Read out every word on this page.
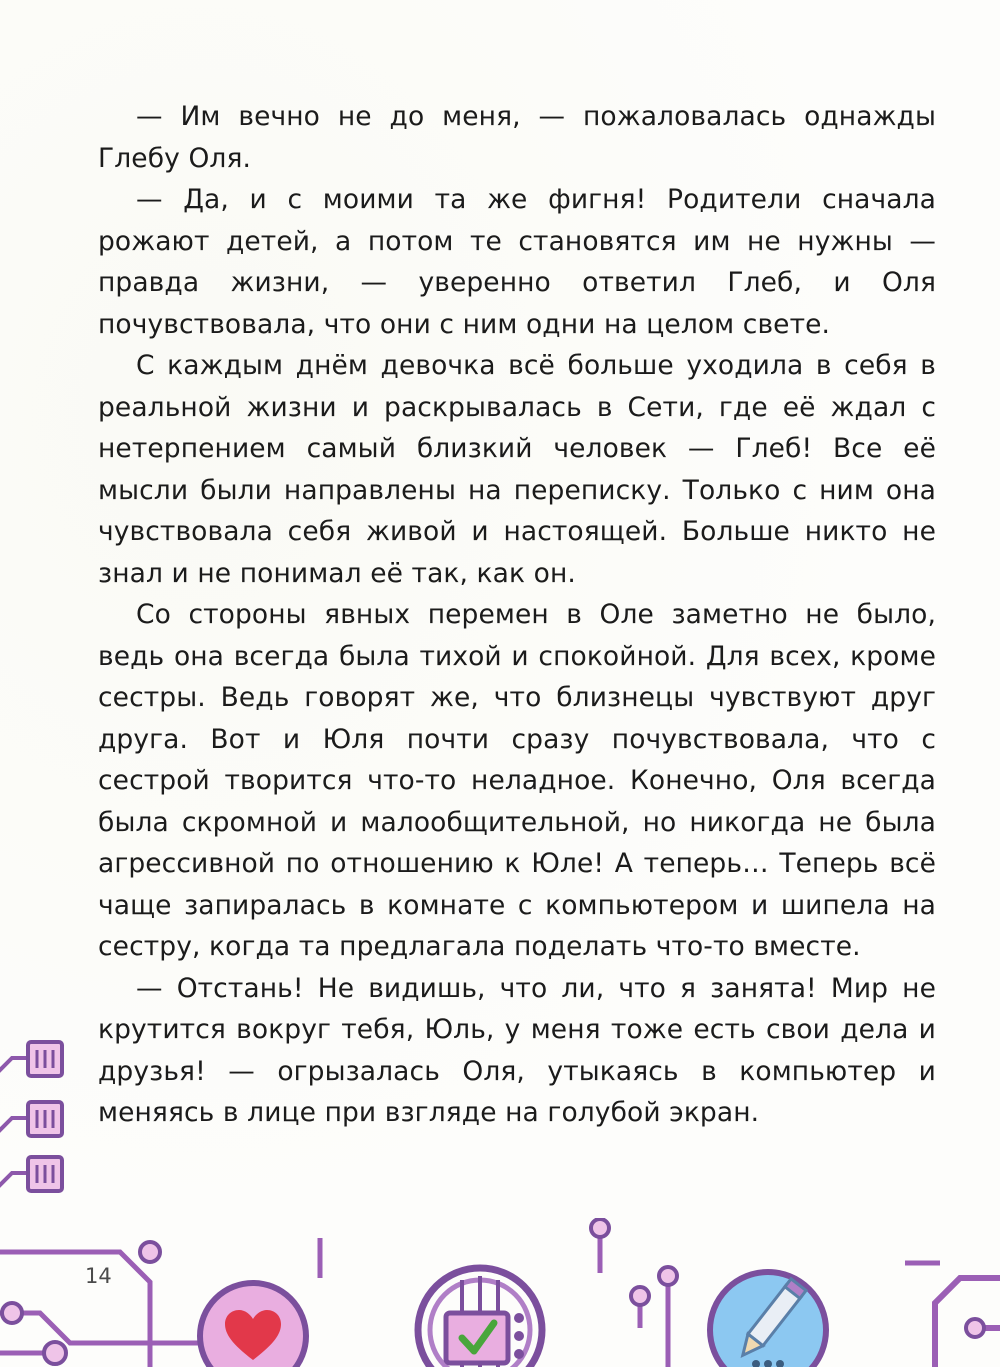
— Им вечно не до меня, — пожаловалась однажды Глебу Оля.

— Да, и с моими та же фигня! Родители сначала рожают детей, а потом те становятся им не нужны — правда жизни, — уверенно ответил Глеб, и Оля почувствовала, что они с ним одни на целом свете.

С каждым днём девочка всё больше уходила в себя в реальной жизни и раскрывалась в Сети, где её ждал с нетерпением самый близкий человек — Глеб! Все её мысли были направлены на переписку. Только с ним она чувствовала себя живой и настоящей. Больше никто не знал и не понимал её так, как он.

Со стороны явных перемен в Оле заметно не было, ведь она всегда была тихой и спокойной. Для всех, кроме сестры. Ведь говорят же, что близнецы чувствуют друг друга. Вот и Юля почти сразу почувствовала, что с сестрой творится что-то неладное. Конечно, Оля всегда была скромной и малообщительной, но никогда не была агрессивной по отношению к Юле! А теперь… Теперь всё чаще запиралась в комнате с компьютером и шипела на сестру, когда та предлагала поделать что-то вместе.

— Отстань! Не видишь, что ли, что я занята! Мир не крутится вокруг тебя, Юль, у меня тоже есть свои дела и друзья! — огрызалась Оля, утыкаясь в компьютер и меняясь в лице при взгляде на голубой экран.

14
